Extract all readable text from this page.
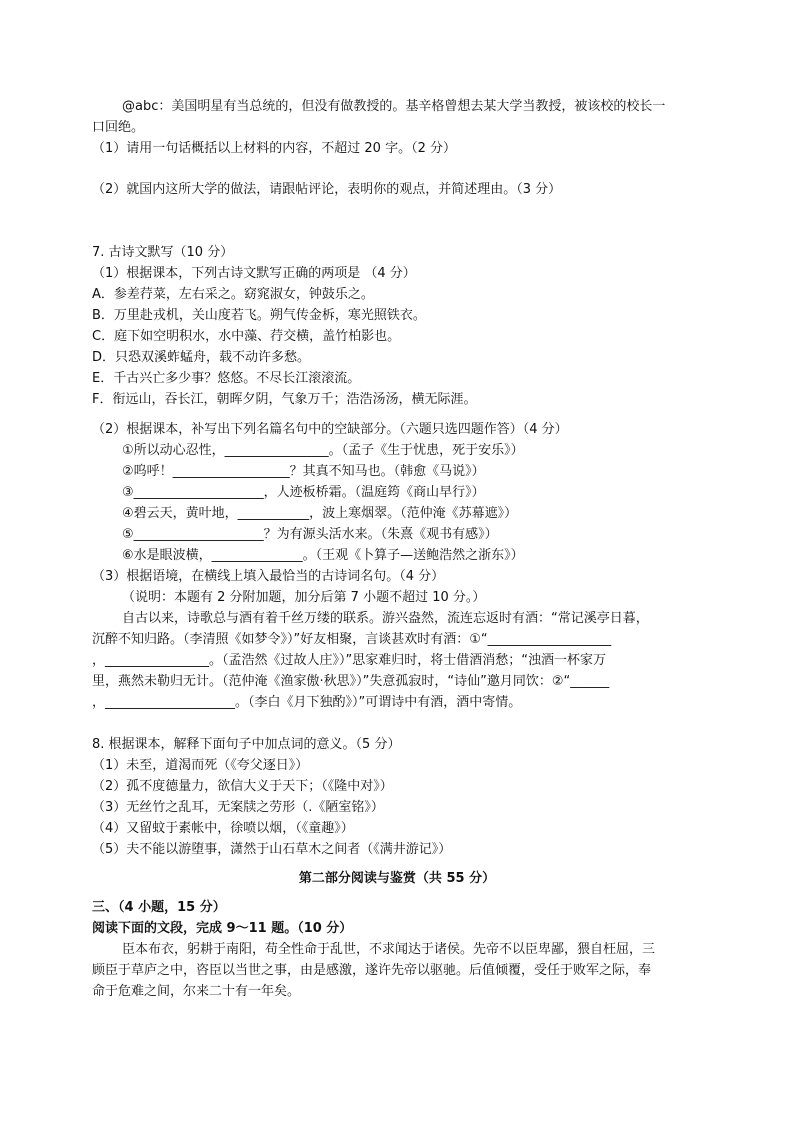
@abc：美国明星有当总统的，但没有做教授的。基辛格曾想去某大学当教授，被该校的校长一
口回绝。
（1）请用一句话概括以上材料的内容，不超过 20 字。（2 分）
（2）就国内这所大学的做法，请跟帖评论，表明你的观点，并简述理由。（3 分）
7. 古诗文默写（10 分）
（1）根据课本，下列古诗文默写正确的两项是 （4 分）
A．参差荇菜，左右采之。窈窕淑女，钟鼓乐之。
B．万里赴戎机，关山度若飞。朔气传金柝，寒光照铁衣。
C．庭下如空明积水，水中藻、荇交横，盖竹柏影也。
D．只恐双溪蚱蜢舟，载不动许多愁。
E．千古兴亡多少事？悠悠。不尽长江滚滚流。
F．衔远山，吞长江，朝晖夕阴，气象万千；浩浩汤汤，横无际涯。
（2）根据课本，补写出下列名篇名句中的空缺部分。（六题只选四题作答）（4 分）
①所以动心忍性，________________。（孟子《生于忧患，死于安乐》）
②呜呼！__________________？其真不知马也。（韩愈《马说》）
③____________________，人迹板桥霜。（温庭筠《商山早行》）
④碧云天，黄叶地，___________，波上寒烟翠。（范仲淹《苏幕遮》）
⑤____________________？为有源头活水来。（朱熹《观书有感》）
⑥水是眼波横，______________。（王观《卜算子—送鲍浩然之浙东》）
（3）根据语境，在横线上填入最恰当的古诗词名句。（4 分）
（说明：本题有 2 分附加题，加分后第 7 小题不超过 10 分。）
自古以来，诗歌总与酒有着千丝万缕的联系。游兴盎然，流连忘返时有酒：“常记溪亭日暮，
沉醉不知归路。（李清照《如梦令》）”好友相聚，言谈甚欢时有酒：①“___________________
，________________。（孟浩然《过故人庄》）”思家难归时，将士借酒消愁；“浊酒一杯家万
里，燕然未勒归无计。（范仲淹《渔家傲·秋思》）”失意孤寂时，“诗仙”邀月同饮：②“______
，____________________。（李白《月下独酌》）”可谓诗中有酒，酒中寄情。
8. 根据课本，解释下面句子中加点词的意义。（5 分）
（1）未至，道渴而死（《夸父逐日》）
（2）孤不度德量力，欲信大义于天下；（《隆中对》）
（3）无丝竹之乱耳，无案牍之劳形（.《陋室铭》）
（4）又留蚊于素帐中，徐喷以烟，（《童趣》）
（5）夫不能以游堕事，潇然于山石草木之间者（《满井游记》）
第二部分阅读与鉴赏（共 55 分）
三、（4 小题，15 分）
阅读下面的文段，完成 9～11 题。（10 分）
臣本布衣，躬耕于南阳，苟全性命于乱世，不求闻达于诸侯。先帝不以臣卑鄙，猥自枉屈，三
顾臣于草庐之中，咨臣以当世之事，由是感激，遂许先帝以驱驰。后值倾覆，受任于败军之际，奉
命于危难之间，尔来二十有一年矣。
